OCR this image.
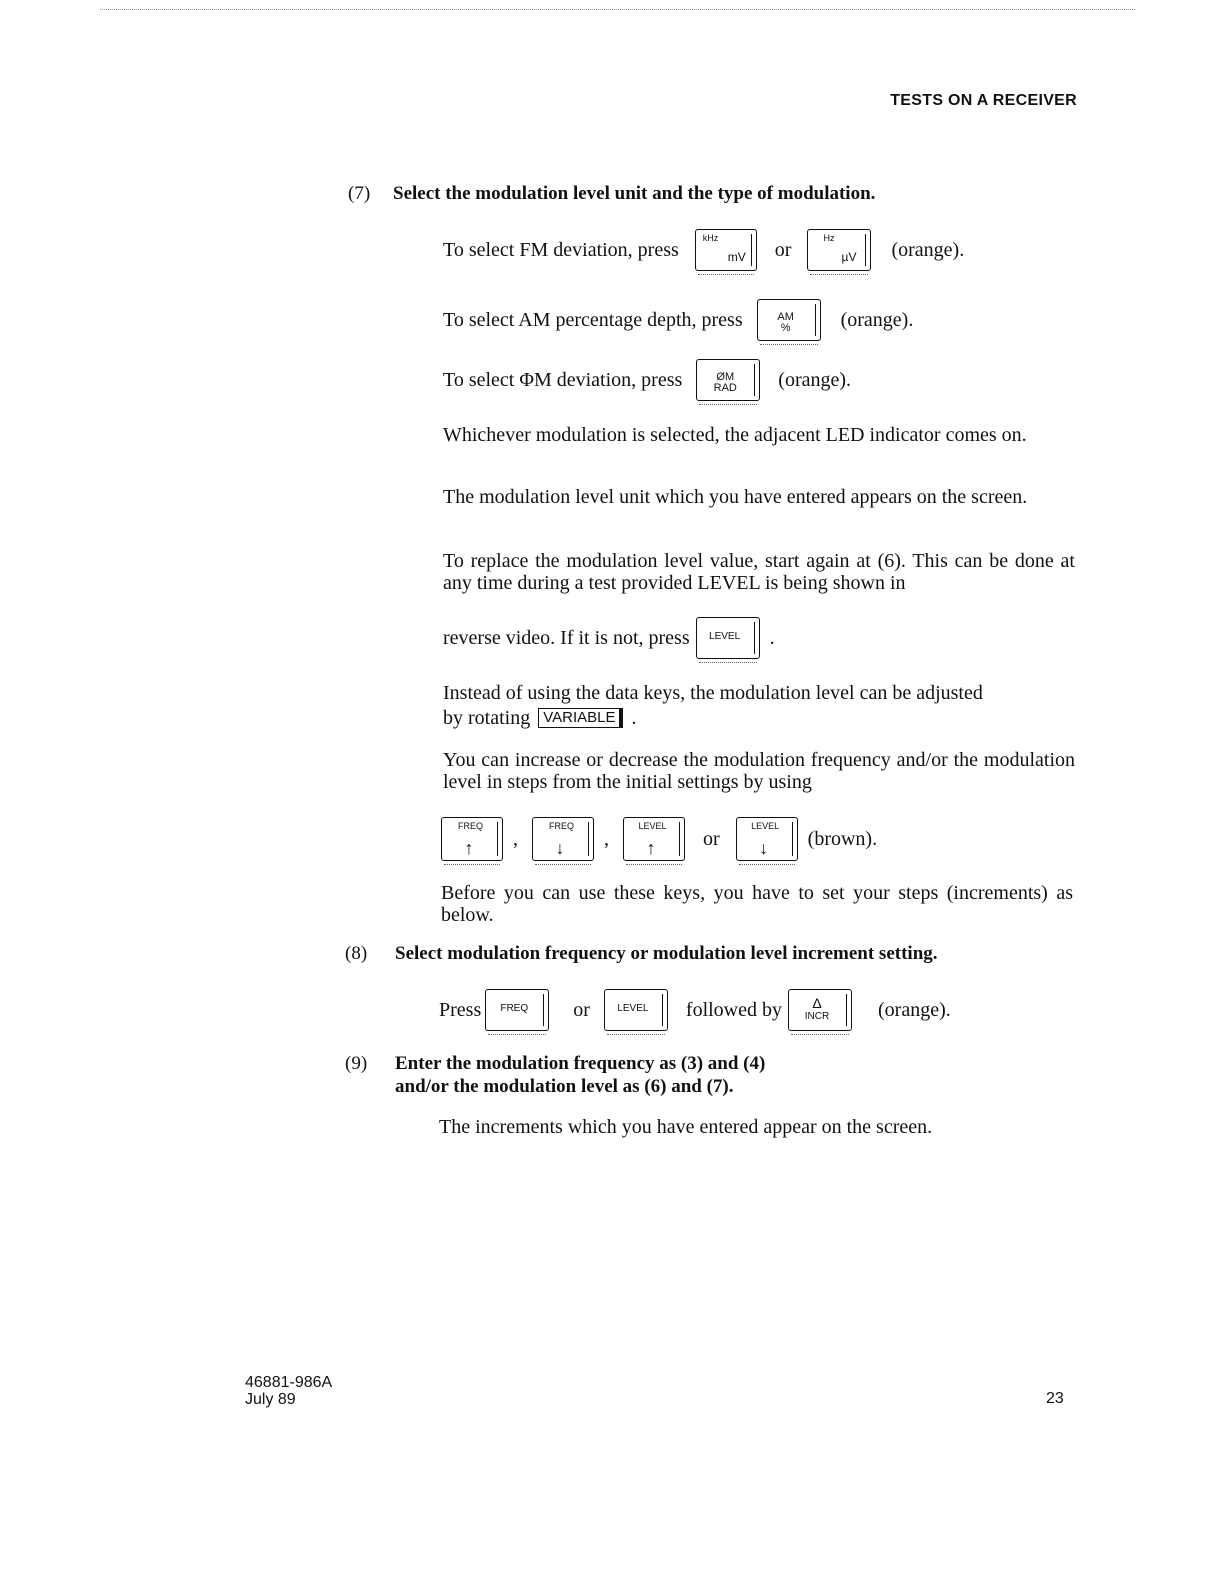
TESTS ON A RECEIVER
(7) Select the modulation level unit and the type of modulation.
To select FM deviation, press
kHz
mV or
Hz
µV (orange).
To select AM percentage depth, press	AM
%	(orange).
To select ΦM deviation, press	ØM
RAD	(orange).
Whichever modulation is selected, the adjacent LED indicator comes on.
The modulation level unit which you have entered appears on the screen.
To replace the modulation level value, start again at (6). This can be done at any time during a test provided LEVEL is being shown in
reverse video. If it is not, press	LEVEL	.
Instead of using the data keys, the modulation level can be adjusted
by rotating VARIABLE .
You can increase or decrease the modulation frequency and/or the modulation level in steps from the initial settings by using
FREQ
↑	,
FREQ
↓	,
LEVEL
↑	or
LEVEL
↓	(brown).
Before you can use these keys, you have to set your steps (increments) as below.
(8) Select modulation frequency or modulation level increment setting.
Press	FREQ	or	LEVEL	followed by	Δ
INCR	(orange).
(9) Enter the modulation frequency as (3) and (4)
and/or the modulation level as (6) and (7).
The increments which you have entered appear on the screen.
46881-986A
July 89	23
